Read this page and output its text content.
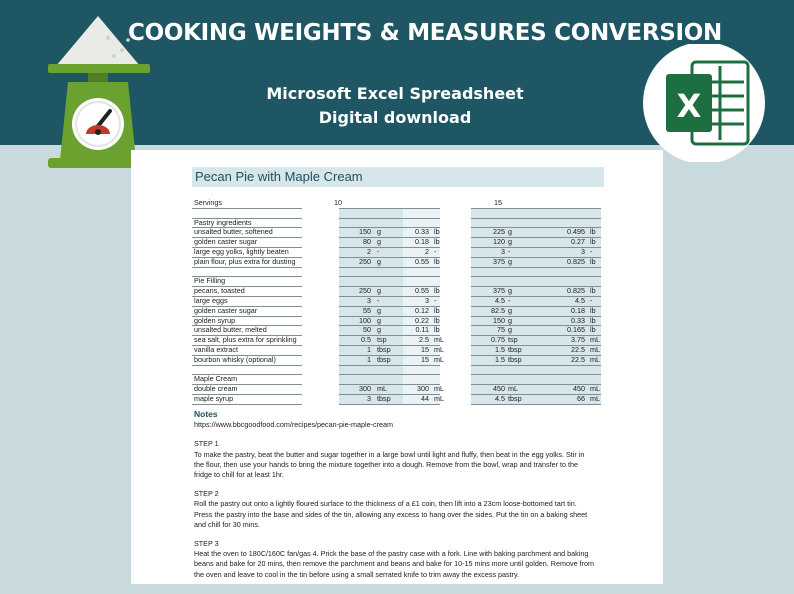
COOKING WEIGHTS & MEASURES CONVERSION
Microsoft Excel Spreadsheet
Digital download	X
Pecan Pie with Maple Cream
Servings	10	15
Pastry ingredients
unsalted butter, softened	150 g	0.33 lb	225 g	0.495 lb
golden caster sugar	80 g	0.18 lb	120 g	0.27 lb
large egg yolks, lightly beaten	2 -	2 -	3 -	3 -
plain flour, plus extra for dusting	250 g	0.55 lb	375 g	0.825 lb
Pie Filling
pecans, toasted	250 g	0.55 lb	375 g	0.825 lb
large eggs	3 -	3 -	4.5 -	4.5 -
golden caster sugar	55 g	0.12 lb	82.5 g	0.18 lb
golden syrup	100 g	0.22 lb	150 g	0.33 lb
unsalted butter, melted	50 g	0.11 lb	75 g	0.165 lb
sea salt, plus extra for sprinkling	0.5 tsp	2.5 mL	0.75 tsp	3.75 mL
vanilla extract	1 tbsp	15 mL	1.5 tbsp	22.5 mL
bourbon whisky (optional)	1 tbsp	15 mL	1.5 tbsp	22.5 mL
Maple Cream
double cream	300 mL	300 mL	450 mL	450 mL
maple syrup	3 tbsp	44 mL	4.5 tbsp	66 mL
Notes
https://www.bbcgoodfood.com/recipes/pecan-pie-maple-cream
STEP 1
To make the pastry, beat the butter and sugar together in a large bowl until light and fluffy, then beat in the egg yolks. Stir in the flour, then use your hands to bring the mixture together into a dough. Remove from the bowl, wrap and transfer to the fridge to chill for at least 1hr.
STEP 2
Roll the pastry out onto a lightly floured surface to the thickness of a £1 coin, then lift into a 23cm loose-bottomed tart tin. Press the pastry into the base and sides of the tin, allowing any excess to hang over the sides. Put the tin on a baking sheet and chill for 30 mins.
STEP 3
Heat the oven to 180C/160C fan/gas 4. Prick the base of the pastry case with a fork. Line with baking parchment and baking beans and bake for 20 mins, then remove the parchment and beans and bake for 10-15 mins more until golden. Remove from the oven and leave to cool in the tin before using a small serrated knife to trim away the excess pastry.
